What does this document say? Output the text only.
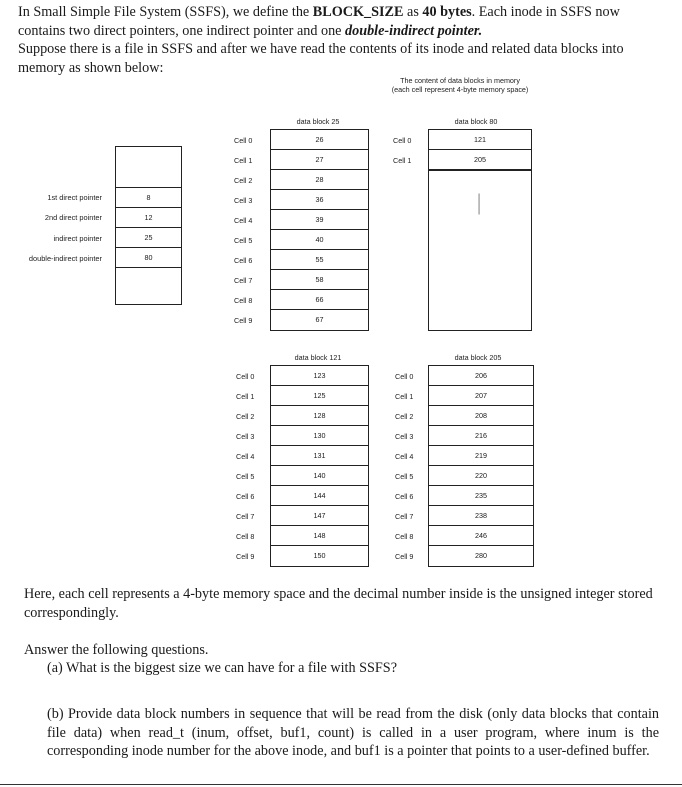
In Small Simple File System (SSFS), we define the BLOCK_SIZE as 40 bytes. Each inode in SSFS now contains two direct pointers, one indirect pointer and one double-indirect pointer.
Suppose there is a file in SSFS and after we have read the contents of its inode and related data blocks into memory as shown below:
The content of data blocks in memory
(each cell represent 4-byte memory space)
1st direct pointer
2nd direct pointer
indirect pointer
double-indirect pointer
8
12
25
80
data block 25
Cell 0
Cell 1
Cell 2
Cell 3
Cell 4
Cell 5
Cell 6
Cell 7
Cell 8
Cell 9
26
27
28
36
39
40
55
58
66
67
data block 80
Cell 0
Cell 1
121
205
|
|
|
data block 121
Cell 0
Cell 1
Cell 2
Cell 3
Cell 4
Cell 5
Cell 6
Cell 7
Cell 8
Cell 9
123
125
128
130
131
140
144
147
148
150
data block 205
Cell 0
Cell 1
Cell 2
Cell 3
Cell 4
Cell 5
Cell 6
Cell 7
Cell 8
Cell 9
206
207
208
216
219
220
235
238
246
280
Here, each cell represents a 4-byte memory space and the decimal number inside is the unsigned integer stored correspondingly.
Answer the following questions.
(a) What is the biggest size we can have for a file with SSFS?
(b) Provide data block numbers in sequence that will be read from the disk (only data blocks that contain file data) when read_t (inum, offset, buf1, count) is called in a user program, where inum is the corresponding inode number for the above inode, and buf1 is a pointer that points to a user-defined buffer.
